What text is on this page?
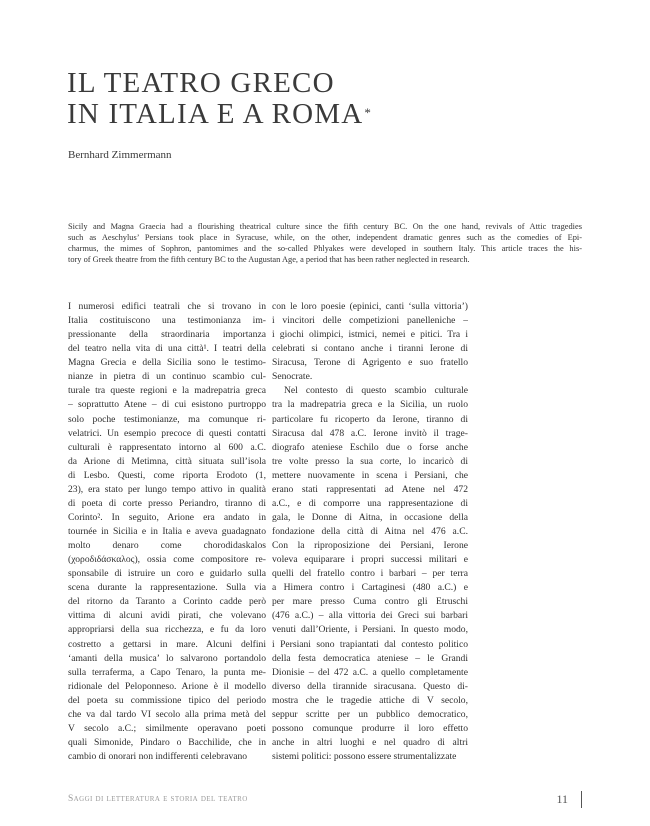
IL TEATRO GRECO
IN ITALIA E A ROMA*
Bernhard Zimmermann
Sicily and Magna Graecia had a flourishing theatrical culture since the fifth century BC. On the one hand, revivals of Attic tragedies
such as Aeschylus’ Persians took place in Syracuse, while, on the other, independent dramatic genres such as the comedies of Epi-
charmus, the mimes of Sophron, pantomimes and the so-called Phlyakes were developed in southern Italy. This article traces the his-
tory of Greek theatre from the fifth century BC to the Augustan Age, a period that has been rather neglected in research.
I numerosi edifici teatrali che si trovano in
Italia costituiscono una testimonianza im-
pressionante della straordinaria importanza
del teatro nella vita di una città¹. I teatri della
Magna Grecia e della Sicilia sono le testimo-
nianze in pietra di un continuo scambio cul-
turale tra queste regioni e la madrepatria greca
– soprattutto Atene – di cui esistono purtroppo
solo poche testimonianze, ma comunque ri-
velatrici. Un esempio precoce di questi contatti
culturali è rappresentato intorno al 600 a.C.
da Arione di Metimna, città situata sull’isola
di Lesbo. Questi, come riporta Erodoto (1,
23), era stato per lungo tempo attivo in qualità
di poeta di corte presso Periandro, tiranno di
Corinto². In seguito, Arione era andato in
tournée in Sicilia e in Italia e aveva guadagnato
molto denaro come chorodidaskalos
(χοροδιδάσκαλος), ossia come compositore re-
sponsabile di istruire un coro e guidarlo sulla
scena durante la rappresentazione. Sulla via
del ritorno da Taranto a Corinto cadde però
vittima di alcuni avidi pirati, che volevano
appropriarsi della sua ricchezza, e fu da loro
costretto a gettarsi in mare. Alcuni delfini
‘amanti della musica’ lo salvarono portandolo
sulla terraferma, a Capo Tenaro, la punta me-
ridionale del Peloponneso. Arione è il modello
del poeta su commissione tipico del periodo
che va dal tardo VI secolo alla prima metà del
V secolo a.C.; similmente operavano poeti
quali Simonide, Pindaro o Bacchilide, che in
cambio di onorari non indifferenti celebravano
con le loro poesie (epinici, canti ‘sulla vittoria’)
i vincitori delle competizioni panelleniche –
i giochi olimpici, istmici, nemei e pitici. Tra i
celebrati si contano anche i tiranni Ierone di
Siracusa, Terone di Agrigento e suo fratello
Senocrate.
Nel contesto di questo scambio culturale
tra la madrepatria greca e la Sicilia, un ruolo
particolare fu ricoperto da Ierone, tiranno di
Siracusa dal 478 a.C. Ierone invitò il trage-
diografo ateniese Eschilo due o forse anche
tre volte presso la sua corte, lo incaricò di
mettere nuovamente in scena i Persiani, che
erano stati rappresentati ad Atene nel 472
a.C., e di comporre una rappresentazione di
gala, le Donne di Aitna, in occasione della
fondazione della città di Aitna nel 476 a.C.
Con la riproposizione dei Persiani, Ierone
voleva equiparare i propri successi militari e
quelli del fratello contro i barbari – per terra
a Himera contro i Cartaginesi (480 a.C.) e
per mare presso Cuma contro gli Etruschi
(476 a.C.) – alla vittoria dei Greci sui barbari
venuti dall’Oriente, i Persiani. In questo modo,
i Persiani sono trapiantati dal contesto politico
della festa democratica ateniese – le Grandi
Dionisie – del 472 a.C. a quello completamente
diverso della tirannide siracusana. Questo di-
mostra che le tragedie attiche di V secolo,
seppur scritte per un pubblico democratico,
possono comunque produrre il loro effetto
anche in altri luoghi e nel quadro di altri
sistemi politici: possono essere strumentalizzate
Saggi di letteratura e storia del teatro	11
